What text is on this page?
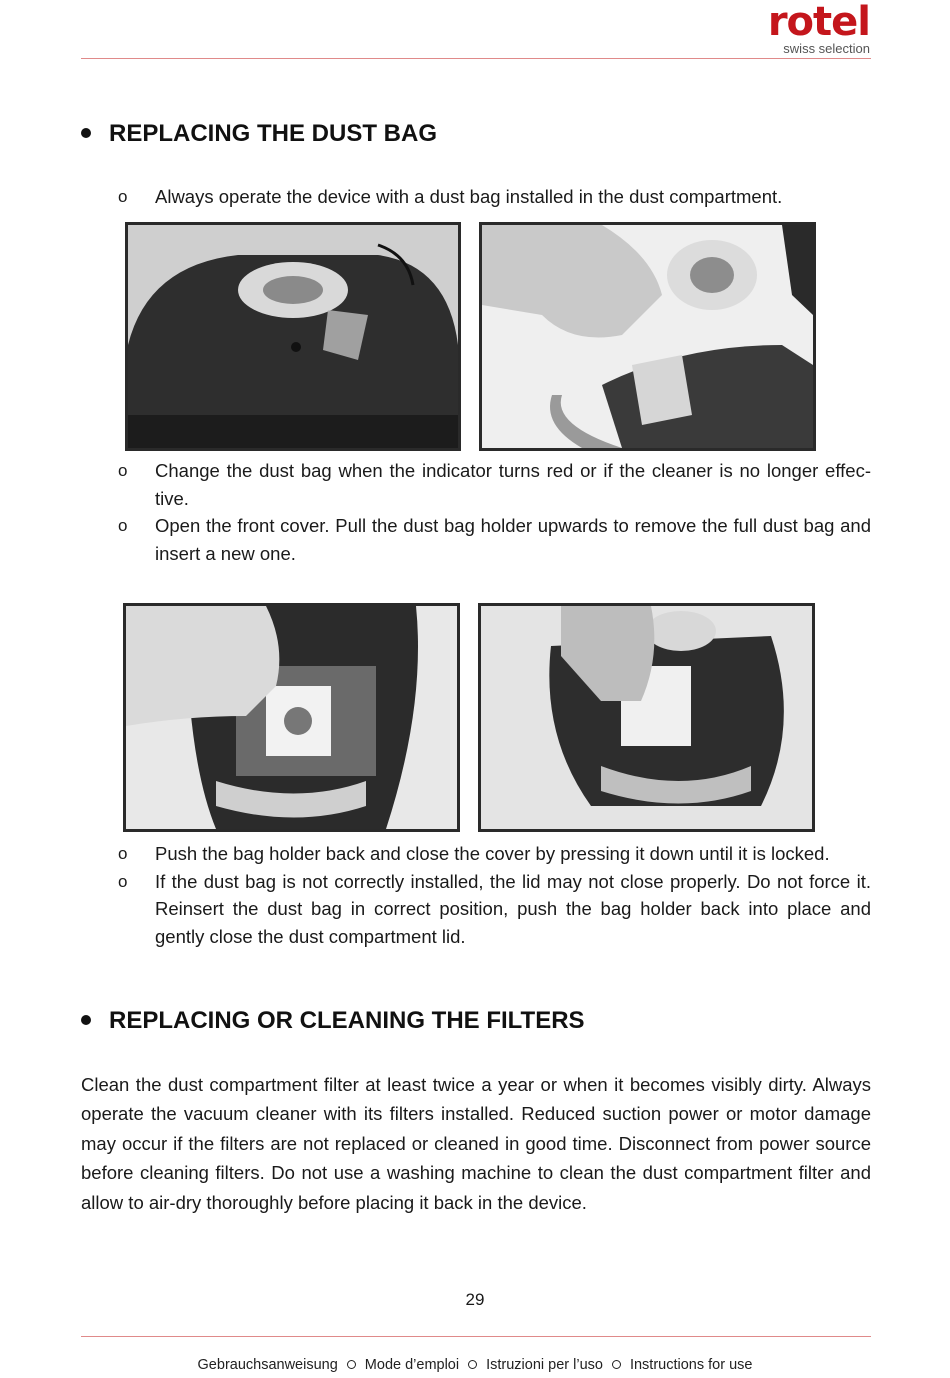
rotel
swiss selection
REPLACING THE DUST BAG
o Always operate the device with a dust bag installed in the dust compartment.
o Change the dust bag when the indicator turns red or if the cleaner is no longer effec-tive.
o Open the front cover. Pull the dust bag holder upwards to remove the full dust bag and insert a new one.
o Push the bag holder back and close the cover by pressing it down until it is locked.
o If the dust bag is not correctly installed, the lid may not close properly. Do not force it. Reinsert the dust bag in correct position, push the bag holder back into place and gently close the dust compartment lid.
REPLACING OR CLEANING THE FILTERS

Clean the dust compartment filter at least twice a year or when it becomes visibly dirty. Always operate the vacuum cleaner with its filters installed. Reduced suction power or motor damage may occur if the filters are not replaced or cleaned in good time. Disconnect from power source before cleaning filters. Do not use a washing machine to clean the dust compartment filter and allow to air-dry thoroughly before placing it back in the device.

29
Gebrauchsanweisung Mode d’emploi Istruzioni per l’uso Instructions for use
